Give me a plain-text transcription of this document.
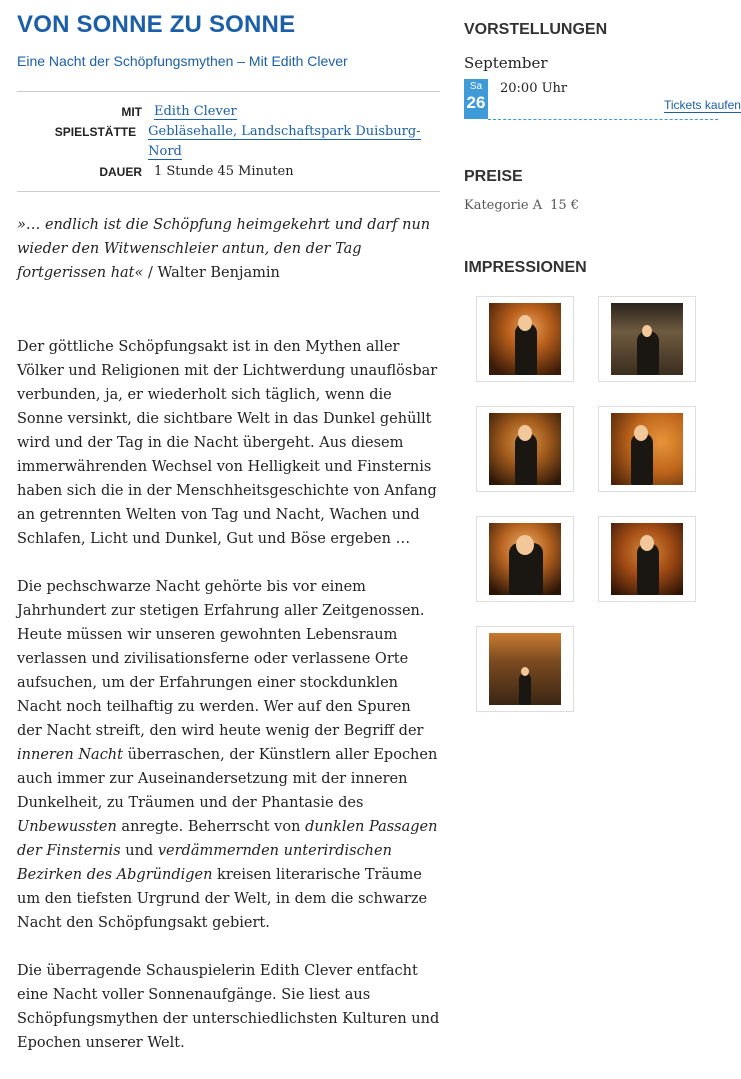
VON SONNE ZU SONNE
Eine Nacht der Schöpfungsmythen – Mit Edith Clever
MIT Edith Clever
SPIELSTÄTTE Gebläsehalle, Landschaftspark Duisburg-Nord
DAUER 1 Stunde 45 Minuten
»… endlich ist die Schöpfung heimgekehrt und darf nun wieder den Witwenschleier antun, den der Tag fortgerissen hat« / Walter Benjamin

Der göttliche Schöpfungsakt ist in den Mythen aller Völker und Religionen mit der Lichtwerdung unauflösbar verbunden, ja, er wiederholt sich täglich, wenn die Sonne versinkt, die sichtbare Welt in das Dunkel gehüllt wird und der Tag in die Nacht übergeht. Aus diesem immerwährenden Wechsel von Helligkeit und Finsternis haben sich die in der Menschheitsgeschichte von Anfang an getrennten Welten von Tag und Nacht, Wachen und Schlafen, Licht und Dunkel, Gut und Böse ergeben …

Die pechschwarze Nacht gehörte bis vor einem Jahrhundert zur stetigen Erfahrung aller Zeitgenossen. Heute müssen wir unseren gewohnten Lebensraum verlassen und zivilisationsferne oder verlassene Orte aufsuchen, um der Erfahrungen einer stockdunklen Nacht noch teilhaftig zu werden. Wer auf den Spuren der Nacht streift, den wird heute wenig der Begriff der inneren Nacht überraschen, der Künstlern aller Epochen auch immer zur Auseinandersetzung mit der inneren Dunkelheit, zu Träumen und der Phantasie des Unbewussten anregte. Beherrscht von dunklen Passagen der Finsternis und verdämmernden unterirdischen Bezirken des Abgründigen kreisen literarische Träume um den tiefsten Urgrund der Welt, in dem die schwarze Nacht den Schöpfungsakt gebiert.

Die überragende Schauspielerin Edith Clever entfacht eine Nacht voller Sonnenaufgänge. Sie liest aus Schöpfungsmythen der unterschiedlichsten Kulturen und Epochen unserer Welt.

VORSTELLUNGEN
September
Sa
26
20:00 Uhr
Tickets kaufen
PREISE
Kategorie A 15 €
IMPRESSIONEN
